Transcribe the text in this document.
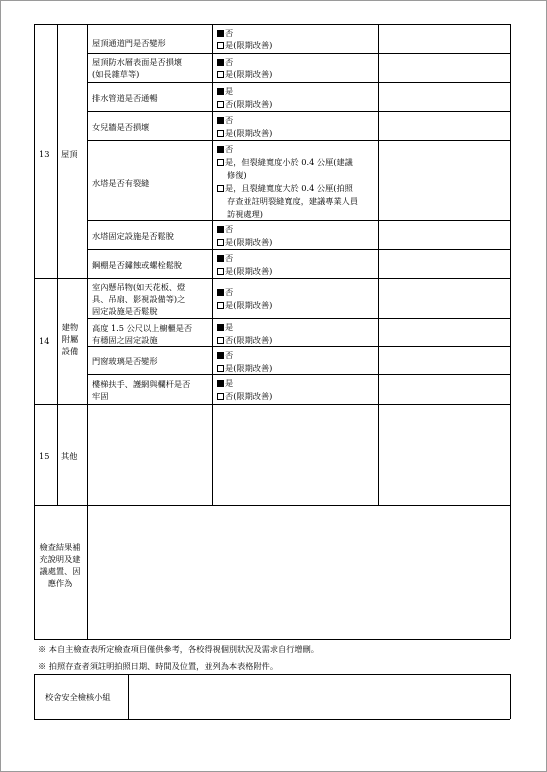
13 屋頂
14
建物附屬設備
15 其他
屋頂通道門是否變形
否
是(限期改善)
屋頂防水層表面是否損壞
(如長雜草等)
否
是(限期改善)
排水管道是否通暢
是
否(限期改善)
女兒牆是否損壞
否
是(限期改善)
水塔是否有裂縫
否
是，但裂縫寬度小於 0.4 公厘(建議
修復)
是，且裂縫寬度大於 0.4 公厘(拍照
存查並註明裂縫寬度，建議專業人員
訪視處理)
水塔固定設施是否鬆脫
否
是(限期改善)
鋼棚是否鏽蝕或螺栓鬆脫
否
是(限期改善)
室內懸吊物(如天花板、燈
具、吊扇、影視設備等)之
固定設施是否鬆脫
否
是(限期改善)
高度 1.5 公尺以上櫥櫃是否
有穩固之固定設施
是
否(限期改善)
門窗玻璃是否變形
否
是(限期改善)
樓梯扶手、護網與欄杆是否
牢固
是
否(限期改善)
檢查結果補充說明及建議處置、因應作為
※ 本自主檢查表所定檢查項目僅供參考，各校得視個別狀況及需求自行增刪。
※ 拍照存查者須註明拍照日期、時間及位置，並列為本表格附件。
校舍安全檢核小組
